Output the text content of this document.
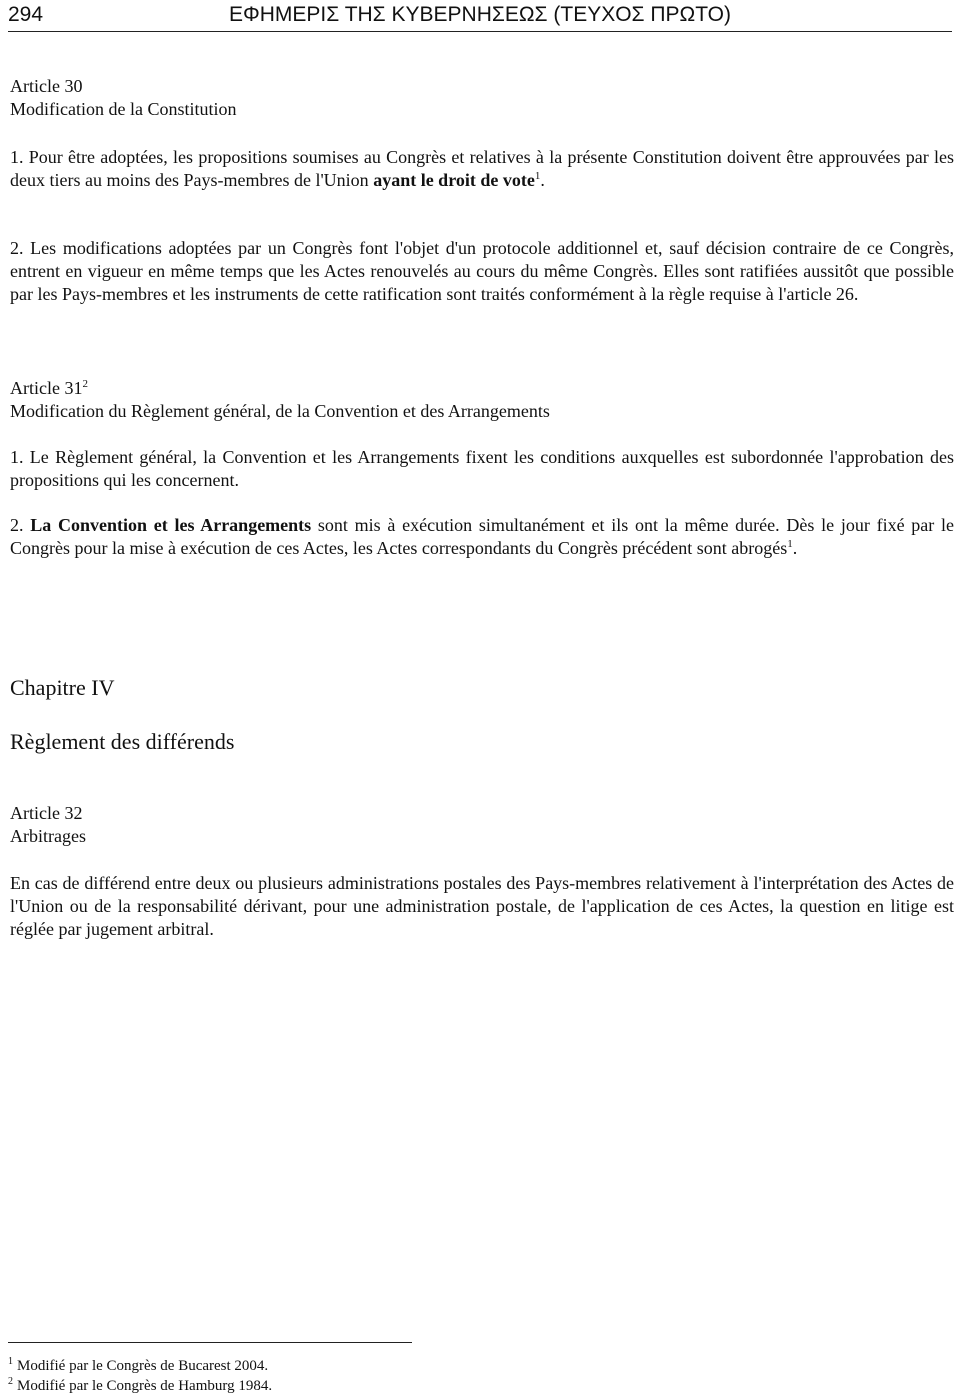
294	ΕΦΗΜΕΡΙΣ ΤΗΣ ΚΥΒΕΡΝΗΣΕΩΣ (ΤΕΥΧΟΣ ΠΡΩΤΟ)
Article 30
Modification de la Constitution
1. Pour être adoptées, les propositions soumises au Congrès et relatives à la présente Constitution doivent être approuvées par les deux tiers au moins des Pays-membres de l'Union ayant le droit de vote$^1$.
2. Les modifications adoptées par un Congrès font l'objet d'un protocole additionnel et, sauf décision contraire de ce Congrès, entrent en vigueur en même temps que les Actes renouvelés au cours du même Congrès. Elles sont ratifiées aussitôt que possible par les Pays-membres et les instruments de cette ratification sont traités conformément à la règle requise à l'article 26.
Article $31^2$
Modification du Règlement général, de la Convention et des Arrangements
1. Le Règlement général, la Convention et les Arrangements fixent les conditions auxquelles est subordonnée l'approbation des propositions qui les concernent.
2. La Convention et les Arrangements sont mis à exécution simultanément et ils ont la même durée. Dès le jour fixé par le Congrès pour la mise à exécution de ces Actes, les Actes correspondants du Congrès précédent sont abrogés$^1$.
Chapitre IV
Règlement des différends
Article 32
Arbitrages
En cas de différend entre deux ou plusieurs administrations postales des Pays-membres relativement à l'interprétation des Actes de l'Union ou de la responsabilité dérivant, pour une administration postale, de l'application de ces Actes, la question en litige est réglée par jugement arbitral.
$^1$ Modifié par le Congrès de Bucarest 2004.
$^2$ Modifié par le Congrès de Hamburg 1984.
